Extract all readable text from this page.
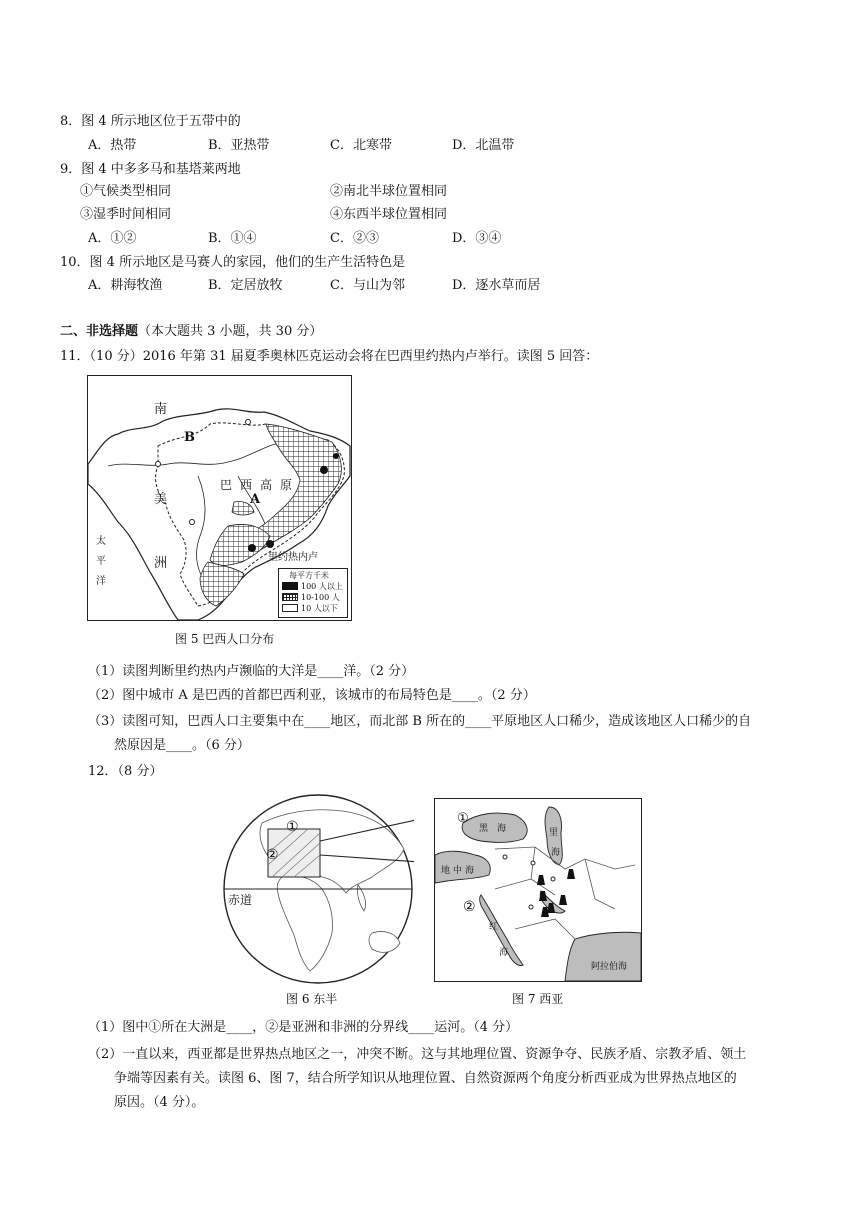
8．图 4 所示地区位于五带中的
A．热带	B．亚热带	C．北寒带	D．北温带
9．图 4 中多多马和基塔莱两地
①气候类型相同	②南北半球位置相同
③湿季时间相同	④东西半球位置相同
A．①②	B．①④	C．②③	D．③④
10．图 4 所示地区是马赛人的家园，他们的生产生活特色是
A．耕海牧渔	B．定居放牧	C．与山为邻	D．逐水草而居
二、非选择题（本大题共 3 小题，共 30 分）
11．（10 分）2016 年第 31 届夏季奥林匹克运动会将在巴西里约热内卢举行。读图 5 回答：
南
B
美
洲
巴 西 高 原
A
太
平
洋
里约热内卢
每平方千米
100 人以上
10-100 人
10 人以下
图 5 巴西人口分布
（1）读图判断里约热内卢濒临的大洋是____洋。（2 分）
（2）图中城市 A 是巴西的首都巴西利亚，该城市的布局特色是____。（2 分）
（3）读图可知，巴西人口主要集中在____地区，而北部 B 所在的____平原地区人口稀少，造成该地区人口稀少的自
然原因是____。（6 分）
12．（8 分）
①
②
赤道
图 6 东半
①
②
黑 海	里
海
地 中 海
红
海
阿拉伯海
图 7 西亚
（1）图中①所在大洲是____，②是亚洲和非洲的分界线____运河。（4 分）
（2）一直以来，西亚都是世界热点地区之一，冲突不断。这与其地理位置、资源争夺、民族矛盾、宗教矛盾、领土
争端等因素有关。读图 6、图 7，结合所学知识从地理位置、自然资源两个角度分析西亚成为世界热点地区的
原因。（4 分）。
